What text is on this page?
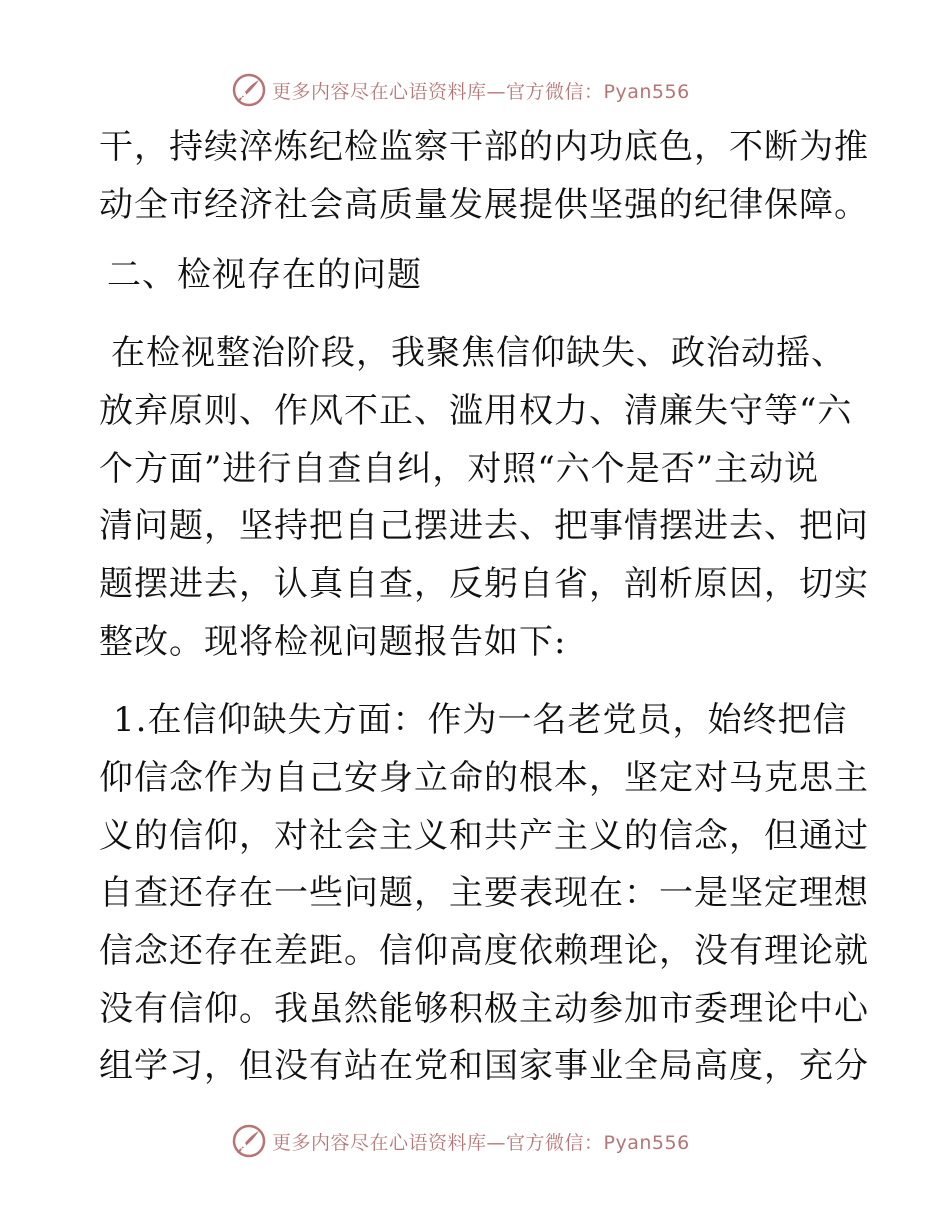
更多内容尽在心语资料库—官方微信：Pyan556
干，持续淬炼纪检监察干部的内功底色，不断为推
动全市经济社会高质量发展提供坚强的纪律保障。
二、检视存在的问题
在检视整治阶段，我聚焦信仰缺失、政治动摇、
放弃原则、作风不正、滥用权力、清廉失守等“六
个方面”进行自查自纠，对照“六个是否”主动说
清问题，坚持把自己摆进去、把事情摆进去、把问
题摆进去，认真自查，反躬自省，剖析原因，切实
整改。现将检视问题报告如下:
1.在信仰缺失方面：作为一名老党员，始终把信
仰信念作为自己安身立命的根本，坚定对马克思主
义的信仰，对社会主义和共产主义的信念，但通过
自查还存在一些问题，主要表现在：一是坚定理想
信念还存在差距。信仰高度依赖理论，没有理论就
没有信仰。我虽然能够积极主动参加市委理论中心
组学习，但没有站在党和国家事业全局高度，充分
更多内容尽在心语资料库—官方微信：Pyan556
